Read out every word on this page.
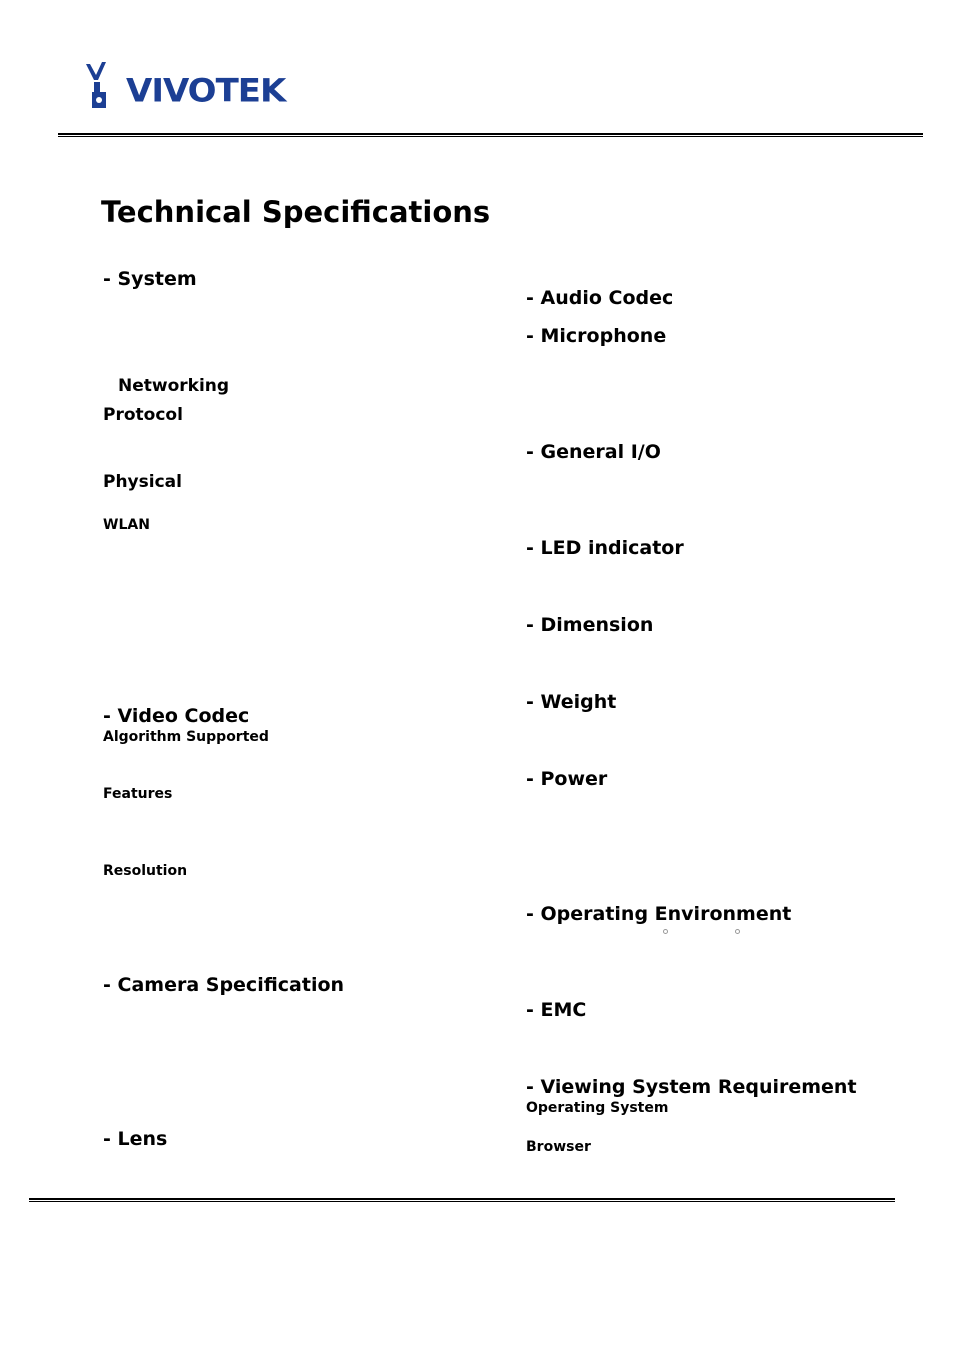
VIVOTEK
Technical Specifications
- System
Networking
Protocol
Physical
WLAN
- Video Codec
Algorithm Supported
Features
Resolution
- Camera Specification
- Lens
- Audio Codec
- Microphone
- General I/O
- LED indicator
- Dimension
- Weight
- Power
- Operating Environment
- EMC
- Viewing System Requirement
Operating System
Browser
